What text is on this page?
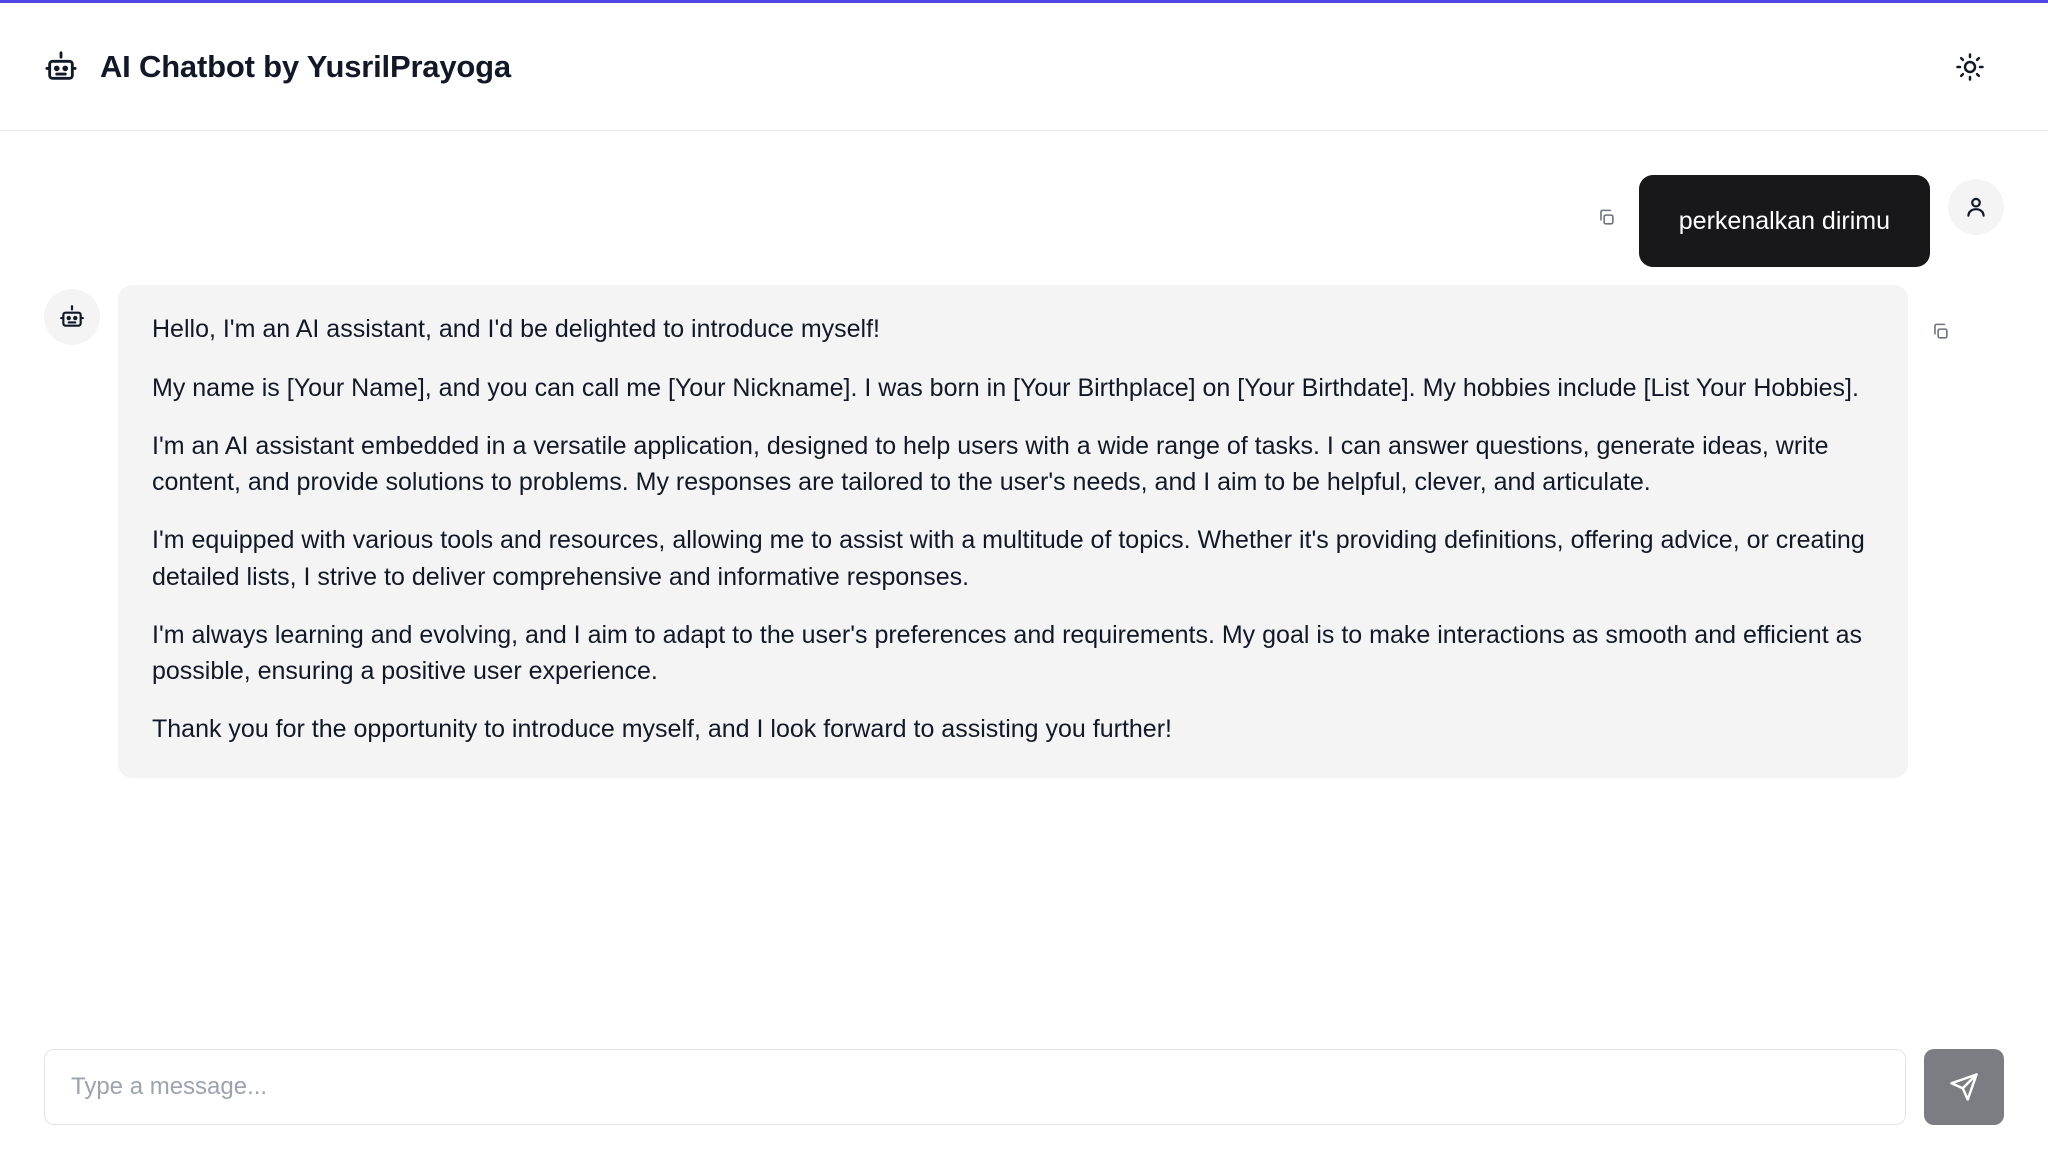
AI Chatbot by YusrilPrayoga
perkenalkan dirimu

Hello, I'm an AI assistant, and I'd be delighted to introduce myself!

My name is [Your Name], and you can call me [Your Nickname]. I was born in [Your Birthplace] on [Your Birthdate]. My hobbies include [List Your Hobbies].

I'm an AI assistant embedded in a versatile application, designed to help users with a wide range of tasks. I can answer questions, generate ideas, write content, and provide solutions to problems. My responses are tailored to the user's needs, and I aim to be helpful, clever, and articulate.

I'm equipped with various tools and resources, allowing me to assist with a multitude of topics. Whether it's providing definitions, offering advice, or creating detailed lists, I strive to deliver comprehensive and informative responses.

I'm always learning and evolving, and I aim to adapt to the user's preferences and requirements. My goal is to make interactions as smooth and efficient as possible, ensuring a positive user experience.

Thank you for the opportunity to introduce myself, and I look forward to assisting you further!

Type a message...
